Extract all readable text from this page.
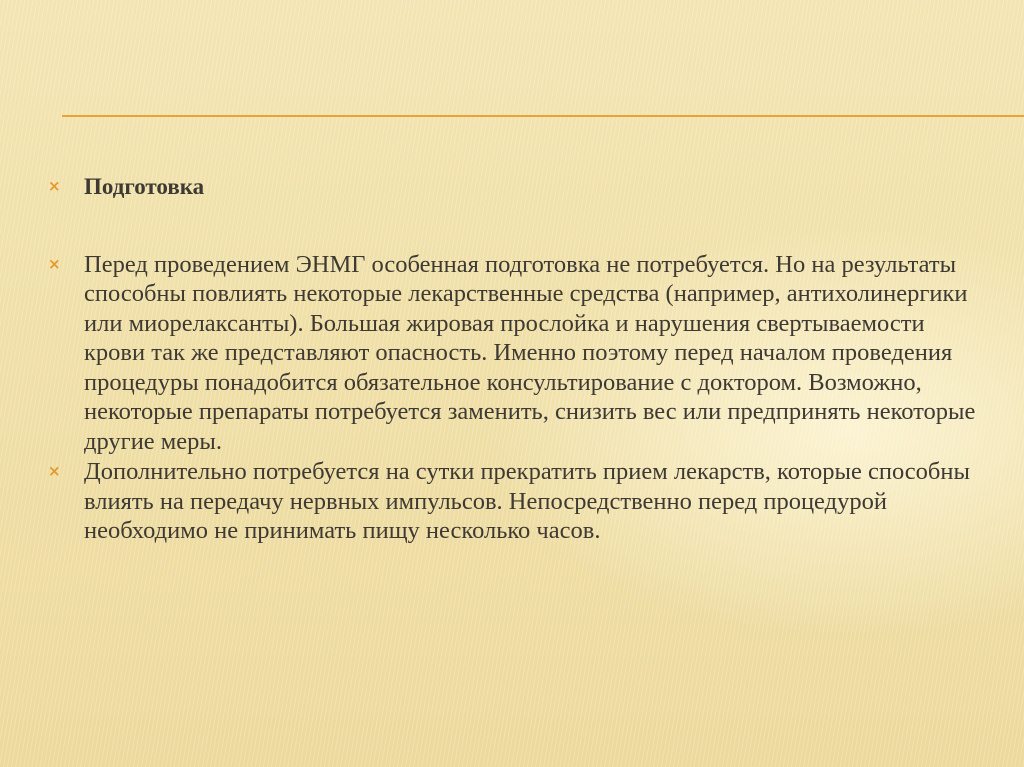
× Подготовка

× Перед проведением ЭНМГ особенная подготовка не потребуется. Но на результаты способны повлиять некоторые лекарственные средства (например, антихолинергики или миорелаксанты). Большая жировая прослойка и нарушения свертываемости крови так же представляют опасность. Именно поэтому перед началом проведения процедуры понадобится обязательное консультирование с доктором. Возможно, некоторые препараты потребуется заменить, снизить вес или предпринять некоторые другие меры.

× Дополнительно потребуется на сутки прекратить прием лекарств, которые способны влиять на передачу нервных импульсов. Непосредственно перед процедурой необходимо не принимать пищу несколько часов.
